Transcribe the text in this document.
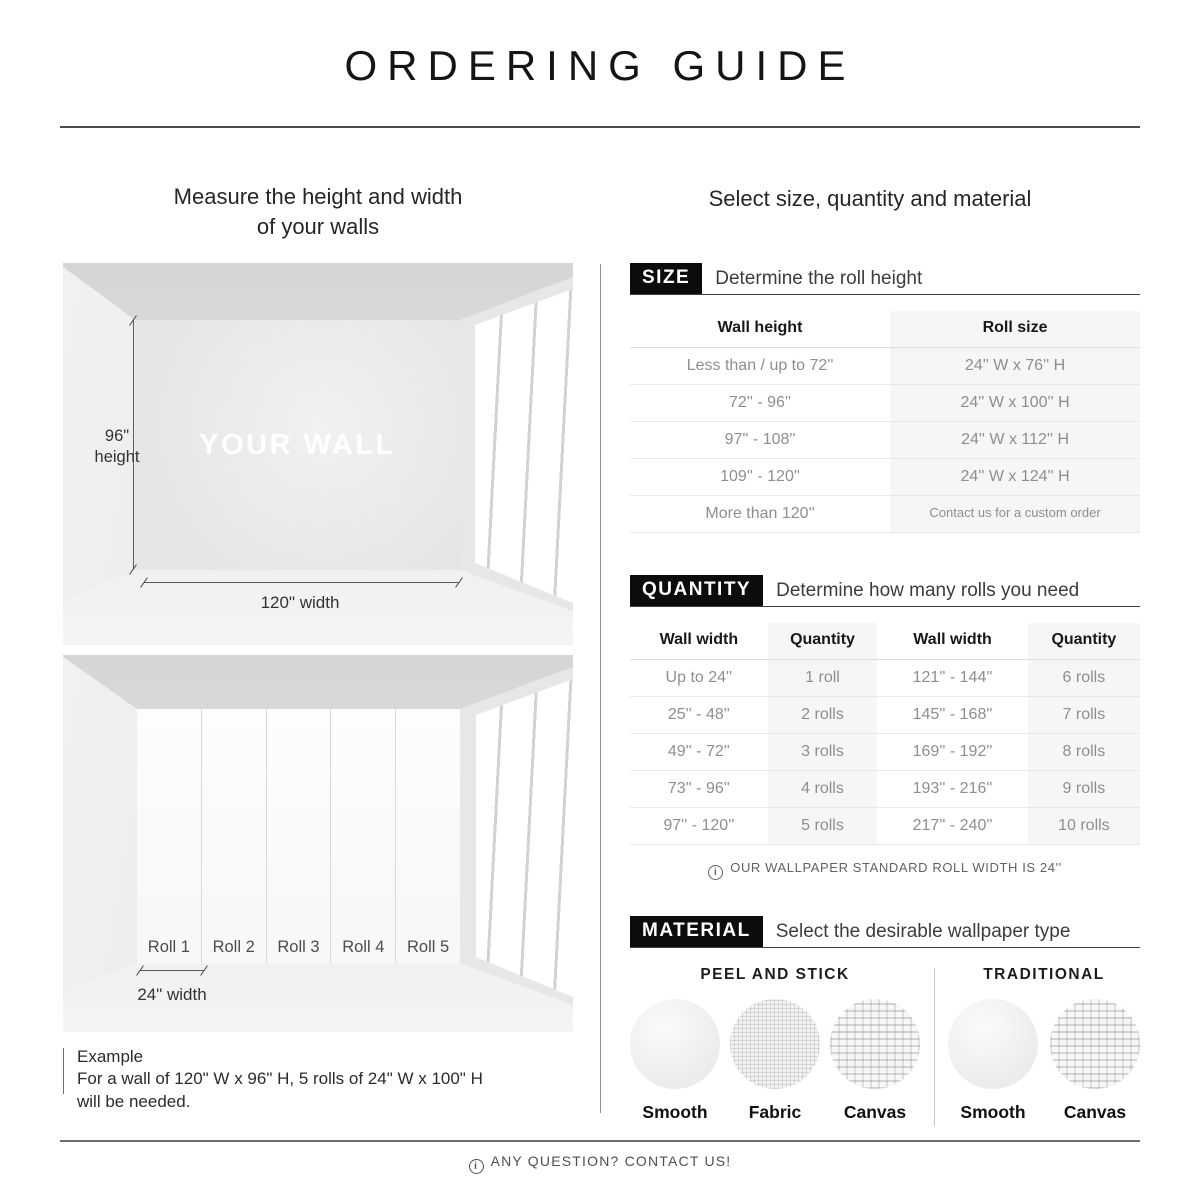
ORDERING GUIDE
Measure the height and width
of your walls
Select size, quantity and material
YOUR WALL
96"
height
120" width
Roll 1	Roll 2	Roll 3	Roll 4	Roll 5
24" width
Example
For a wall of 120" W x 96" H, 5 rolls of 24" W x 100" H
will be needed.
SIZE	Determine the roll height
Wall height	Roll size
Less than / up to 72''	24'' W x 76'' H
72'' - 96''	24'' W x 100'' H
97'' - 108''	24'' W x 112'' H
109'' - 120''	24'' W x 124'' H
More than 120''	Contact us for a custom order
QUANTITY	Determine how many rolls you need
Wall width	Quantity	Wall width	Quantity
Up to 24''	1 roll	121'' - 144''	6 rolls
25'' - 48''	2 rolls	145'' - 168''	7 rolls
49'' - 72''	3 rolls	169'' - 192''	8 rolls
73'' - 96''	4 rolls	193'' - 216''	9 rolls
97'' - 120''	5 rolls	217'' - 240''	10 rolls
i OUR WALLPAPER STANDARD ROLL WIDTH IS 24''
MATERIAL	Select the desirable wallpaper type
PEEL AND STICK
Smooth Fabric Canvas
TRADITIONAL
Smooth Canvas
i ANY QUESTION? CONTACT US!
